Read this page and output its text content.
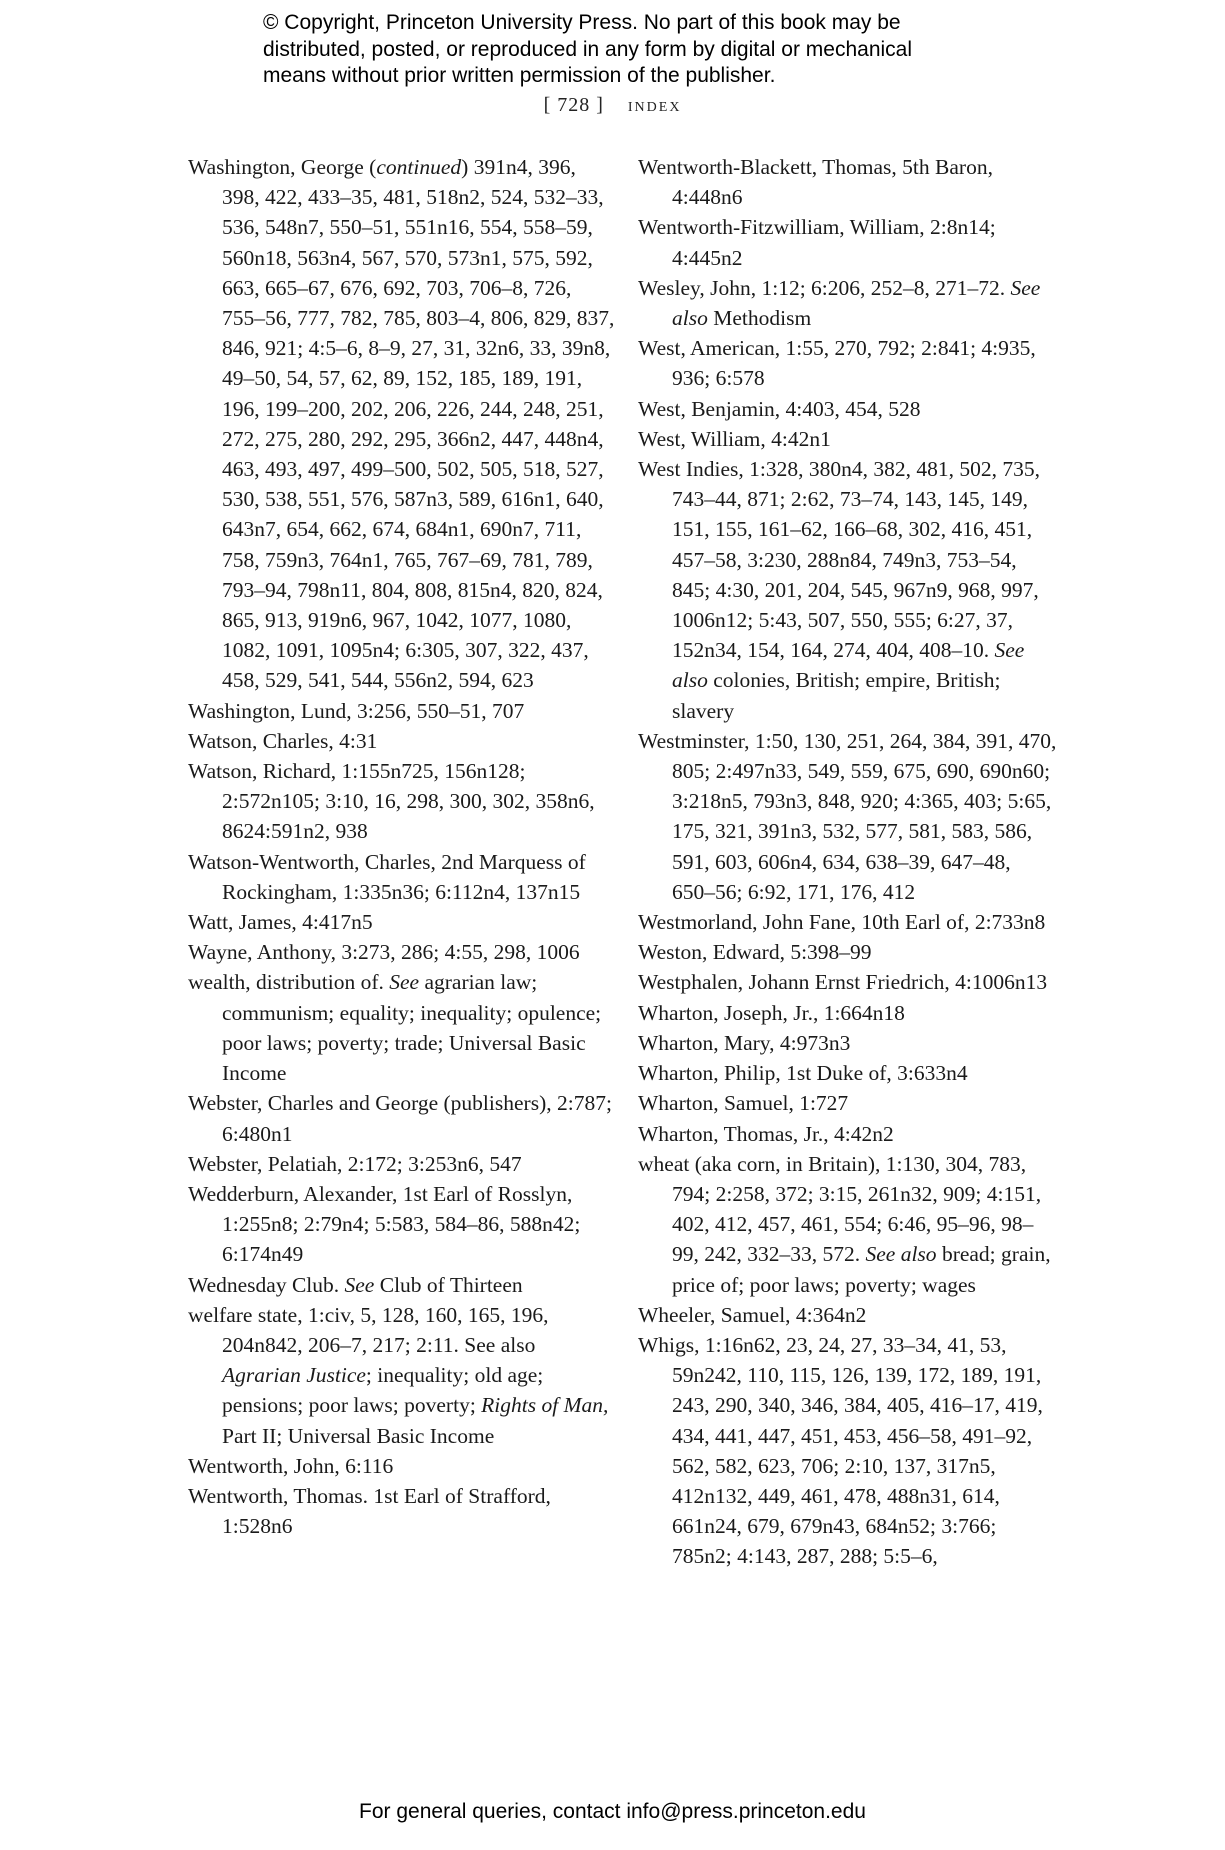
© Copyright, Princeton University Press. No part of this book may be
distributed, posted, or reproduced in any form by digital or mechanical
means without prior written permission of the publisher.
[ 728 ] index

Washington, George (continued) 391n4, 396, 398, 422, 433–35, 481, 518n2, 524, 532–33, 536, 548n7, 550–51, 551n16, 554, 558–59, 560n18, 563n4, 567, 570, 573n1, 575, 592, 663, 665–67, 676, 692, 703, 706–8, 726, 755–56, 777, 782, 785, 803–4, 806, 829, 837, 846, 921; 4:5–6, 8–9, 27, 31, 32n6, 33, 39n8, 49–50, 54, 57, 62, 89, 152, 185, 189, 191, 196, 199–200, 202, 206, 226, 244, 248, 251, 272, 275, 280, 292, 295, 366n2, 447, 448n4, 463, 493, 497, 499–500, 502, 505, 518, 527, 530, 538, 551, 576, 587n3, 589, 616n1, 640, 643n7, 654, 662, 674, 684n1, 690n7, 711, 758, 759n3, 764n1, 765, 767–69, 781, 789, 793–94, 798n11, 804, 808, 815n4, 820, 824, 865, 913, 919n6, 967, 1042, 1077, 1080, 1082, 1091, 1095n4; 6:305, 307, 322, 437, 458, 529, 541, 544, 556n2, 594, 623

Washington, Lund, 3:256, 550–51, 707

Watson, Charles, 4:31

Watson, Richard, 1:155n725, 156n128; 2:572n105; 3:10, 16, 298, 300, 302, 358n6, 8624:591n2, 938

Watson-Wentworth, Charles, 2nd Marquess of Rockingham, 1:335n36; 6:112n4, 137n15

Watt, James, 4:417n5

Wayne, Anthony, 3:273, 286; 4:55, 298, 1006

wealth, distribution of. See agrarian law; communism; equality; inequality; opulence; poor laws; poverty; trade; Universal Basic Income

Webster, Charles and George (publishers), 2:787; 6:480n1

Webster, Pelatiah, 2:172; 3:253n6, 547

Wedderburn, Alexander, 1st Earl of Rosslyn, 1:255n8; 2:79n4; 5:583, 584–86, 588n42; 6:174n49

Wednesday Club. See Club of Thirteen

welfare state, 1:civ, 5, 128, 160, 165, 196, 204n842, 206–7, 217; 2:11. See also Agrarian Justice; inequality; old age; pensions; poor laws; poverty; Rights of Man, Part II; Universal Basic Income

Wentworth, John, 6:116

Wentworth, Thomas. 1st Earl of Strafford, 1:528n6

Wentworth-Blackett, Thomas, 5th Baron, 4:448n6

Wentworth-Fitzwilliam, William, 2:8n14; 4:445n2

Wesley, John, 1:12; 6:206, 252–8, 271–72. See also Methodism

West, American, 1:55, 270, 792; 2:841; 4:935, 936; 6:578

West, Benjamin, 4:403, 454, 528

West, William, 4:42n1

West Indies, 1:328, 380n4, 382, 481, 502, 735, 743–44, 871; 2:62, 73–74, 143, 145, 149, 151, 155, 161–62, 166–68, 302, 416, 451, 457–58, 3:230, 288n84, 749n3, 753–54, 845; 4:30, 201, 204, 545, 967n9, 968, 997, 1006n12; 5:43, 507, 550, 555; 6:27, 37, 152n34, 154, 164, 274, 404, 408–10. See also colonies, British; empire, British; slavery

Westminster, 1:50, 130, 251, 264, 384, 391, 470, 805; 2:497n33, 549, 559, 675, 690, 690n60; 3:218n5, 793n3, 848, 920; 4:365, 403; 5:65, 175, 321, 391n3, 532, 577, 581, 583, 586, 591, 603, 606n4, 634, 638–39, 647–48, 650–56; 6:92, 171, 176, 412

Westmorland, John Fane, 10th Earl of, 2:733n8

Weston, Edward, 5:398–99

Westphalen, Johann Ernst Friedrich, 4:1006n13

Wharton, Joseph, Jr., 1:664n18

Wharton, Mary, 4:973n3

Wharton, Philip, 1st Duke of, 3:633n4

Wharton, Samuel, 1:727

Wharton, Thomas, Jr., 4:42n2

wheat (aka corn, in Britain), 1:130, 304, 783, 794; 2:258, 372; 3:15, 261n32, 909; 4:151, 402, 412, 457, 461, 554; 6:46, 95–96, 98–99, 242, 332–33, 572. See also bread; grain, price of; poor laws; poverty; wages

Wheeler, Samuel, 4:364n2

Whigs, 1:16n62, 23, 24, 27, 33–34, 41, 53, 59n242, 110, 115, 126, 139, 172, 189, 191, 243, 290, 340, 346, 384, 405, 416–17, 419, 434, 441, 447, 451, 453, 456–58, 491–92, 562, 582, 623, 706; 2:10, 137, 317n5, 412n132, 449, 461, 478, 488n31, 614, 661n24, 679, 679n43, 684n52; 3:766; 785n2; 4:143, 287, 288; 5:5–6,

For general queries, contact info@press.princeton.edu
